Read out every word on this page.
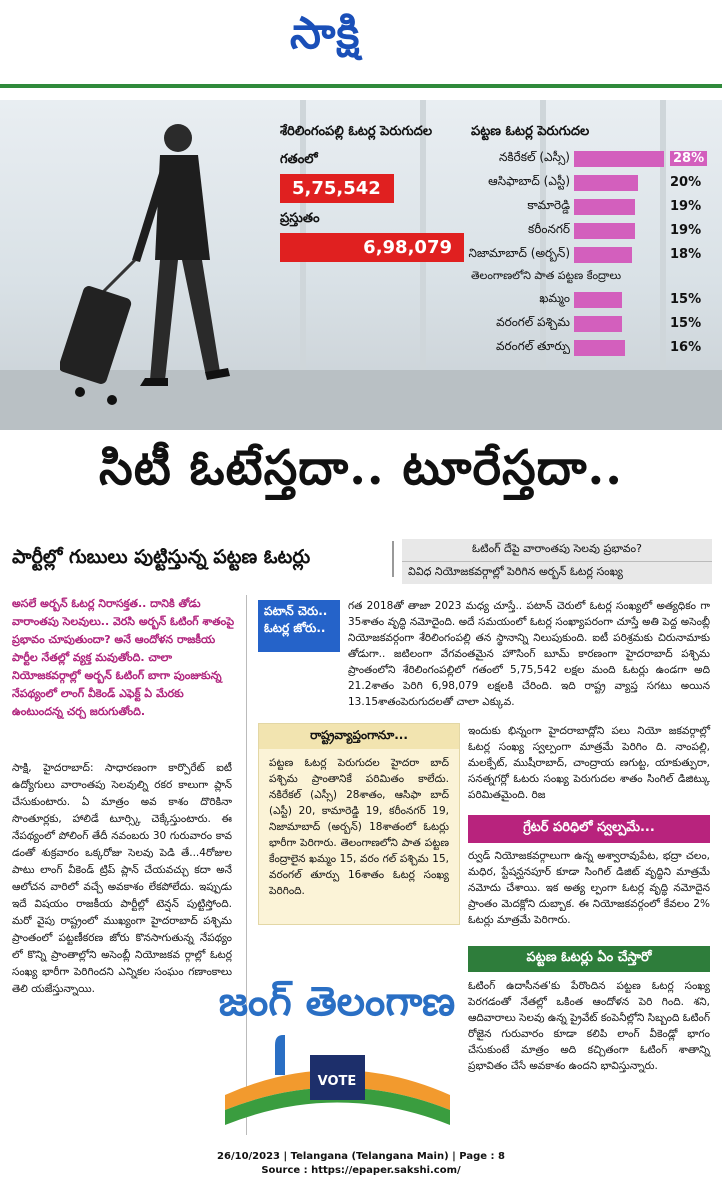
సాక్షి
శేరిలింగంపల్లి ఓటర్ల పెరుగుదల
గతంలో
5,75,542
ప్రస్తుతం
6,98,079
పట్టణ ఓటర్ల పెరుగుదల
నకిరేకల్ (ఎస్సీ)	28%
ఆసిఫాబాద్ (ఎస్టీ)	20%
కామారెడ్డి	19%
కరీంనగర్	19%
నిజామాబాద్ (అర్బన్)	18%
తెలంగాణలోని పాత పట్టణ కేంద్రాలు
ఖమ్మం	15%
వరంగల్ పశ్చిమ	15%
వరంగల్ తూర్పు	16%
సిటీ ఓటేస్తదా.. టూరేస్తదా..
పార్టీల్లో గుబులు పుట్టిస్తున్న పట్టణ ఓటర్లు	ఓటింగ్ దేపై వారాంతపు సెలవు ప్రభావం?
వివిధ నియోజకవర్గాల్లో పెరిగిన అర్బన్ ఓటర్ల సంఖ్య
అసలే అర్బన్ ఓటర్ల నిరాసక్తత.. దానికి తోడు వారాంతపు సెలవులు.. వెరసి అర్బన్ ఓటింగ్ శాతంపై ప్రభావం చూపుతుందా? అనే ఆందోళన రాజకీయ పార్టీల నేతల్లో వ్యక్త మవుతోంది. చాలా నియోజకవర్గాల్లో అర్బన్ ఓటింగ్ బాగా పుంజుకున్న నేపథ్యంలో లాంగ్ వీకెండ్ ఎఫెక్ట్ ఏ మేరకు ఉంటుందన్న చర్చ జరుగుతోంది.
సాక్షి, హైదరాబాద్: సాధారణంగా కార్పొరేట్ ఐటీ ఉద్యోగులు వారాంతపు సెలవుల్ని రకర కాలుగా ప్లాన్ చేసుకుంటారు. ఏ మాత్రం అవ కాశం దొరికినా సొంతూర్లకు, హాలిడే టూర్స్కి చెక్కేస్తుంటారు. ఈ నేపథ్యంలో పోలింగ్ తేదీ నవంబరు 30 గురువారం కావ డంతో శుక్రవారం ఒక్కరోజు సెలవు పెడి తే...4రోజుల పాటు లాంగ్ వీకెండ్ ట్రిప్ ప్లాన్ చేయవచ్చు కదా అనే ఆలోచన వారిలో వచ్చే అవకాశం లేకపోలేదు. ఇప్పుడు ఇదే విషయం రాజకీయ పార్టీల్లో టెన్షన్ పుట్టిస్తోంది. మరో వైపు రాష్ట్రంలో ముఖ్యంగా హైదరాబాద్ పశ్చిమ ప్రాంతంలో పట్టణీకరణ జోరు కొనసాగుతున్న నేపథ్యం లో కొన్ని ప్రాంతాల్లోని అసెంబ్లీ నియోజకవ ర్గాల్లో ఓటర్ల సంఖ్య భారీగా పెరిగిందని ఎన్నికల సంఘం గణాంకాలు తెలి యజేస్తున్నాయి.
పటాన్ చెరు..
ఓటర్ల జోరు..
గత 2018తో తాజా 2023 మధ్య చూస్తే.. పటాన్ చెరులో ఓటర్ల సంఖ్యలో అత్యధికం గా 35శాతం వృద్ధి నమోదైంది. అదే సమయంలో ఓటర్ల సంఖ్యాపరంగా చూస్తే అతి పెద్ద అసెంబ్లీ నియోజకవర్గంగా శేరిలింగంపల్లి తన స్థానాన్ని నిలుపుకుంది. ఐటీ పరిశ్రమకు చిరునామాకు తోడుగా.. జటిలంగా వేగవంతమైన హౌసింగ్ బూమ్ కారణంగా హైదరాబాద్ పశ్చిమ ప్రాంతంలోని శేరిలింగంపల్లిలో గతంలో 5,75,542 లక్షల మంది ఓటర్లు ఉండగా అది 21.2శాతం పెరిగి 6,98,079 లక్షలకి చేరింది. ఇది రాష్ట్ర వ్యాప్త సగటు అయిన 13.15శాతంపెరుగుదలతో చాలా ఎక్కువ.
రాష్ట్రవ్యాప్తంగానూ...
పట్టణ ఓటర్ల పెరుగుదల హైదరా బాద్ పశ్చిమ ప్రాంతానికే పరిమితం కాలేదు. నకిరేకల్ (ఎస్సీ) 28శాతం, ఆసిఫా బాద్ (ఎస్టీ) 20, కామారెడ్డి 19, కరీంనగర్ 19, నిజామాబాద్ (అర్బన్) 18శాతంలో ఓటర్లు భారీగా పెరిగారు. తెలంగాణలోని పాత పట్టణ కేంద్రాలైన ఖమ్మం 15, వరం గల్ పశ్చిమ 15, వరంగల్ తూర్పు 16శాతం ఓటర్ల సంఖ్య పెరిగింది.
ఇందుకు భిన్నంగా హైదరాబాద్లోని పలు నియో జకవర్గాల్లో ఓటర్ల సంఖ్య స్వల్పంగా మాత్రమే పెరిగిం ది. నాంపల్లి, మలక్పేట్, ముషీరాబాద్, చాంద్రాయ ణగుట్ట, యాకుత్పురా, సనత్నగర్లో ఓటరు సంఖ్య పెరుగుదల శాతం సింగిల్ డిజిట్కు పరిమితమైంది. రిజ
గ్రేటర్ పరిధిలో స్వల్పమే...
ర్వుడ్ నియోజకవర్గాలుగా ఉన్న అశ్వారావుపేట, భద్రా చలం, మధిర, స్టేషన్ఘనపూర్ కూడా సింగిల్ డిజిట్ వృద్ధిని మాత్రమే నమోదు చేశాయి. ఇక అత్య ల్పంగా ఓటర్ల వృద్ధి నమోదైన ప్రాంతం మెదక్లోని దుబ్బాక. ఈ నియోజకవర్గంలో కేవలం 2% ఓటర్లు మాత్రమే పెరిగారు.
పట్టణ ఓటర్లు ఏం చేస్తారో
ఓటింగ్ ఉదాసీనత'కు పేరొందిన పట్టణ ఓటర్ల సంఖ్య పెరగడంతో నేతల్లో ఒకింత ఆందోళన పెరి గింది. శని, ఆదివారాలు సెలవు ఉన్న ప్రైవేట్ కంపెనీల్లోని సిబ్బంది ఓటింగ్ రోజైన గురువారం కూడా కలిపి లాంగ్ వీకెండ్లో భాగం చేసుకుంటే మాత్రం అది కచ్చితంగా ఓటింగ్ శాతాన్ని ప్రభావితం చేసే అవకాశం ఉందని భావిస్తున్నారు.
జంగ్ తెలంగాణ
VOTE
26/10/2023 | Telangana (Telangana Main) | Page : 8
Source : https://epaper.sakshi.com/
